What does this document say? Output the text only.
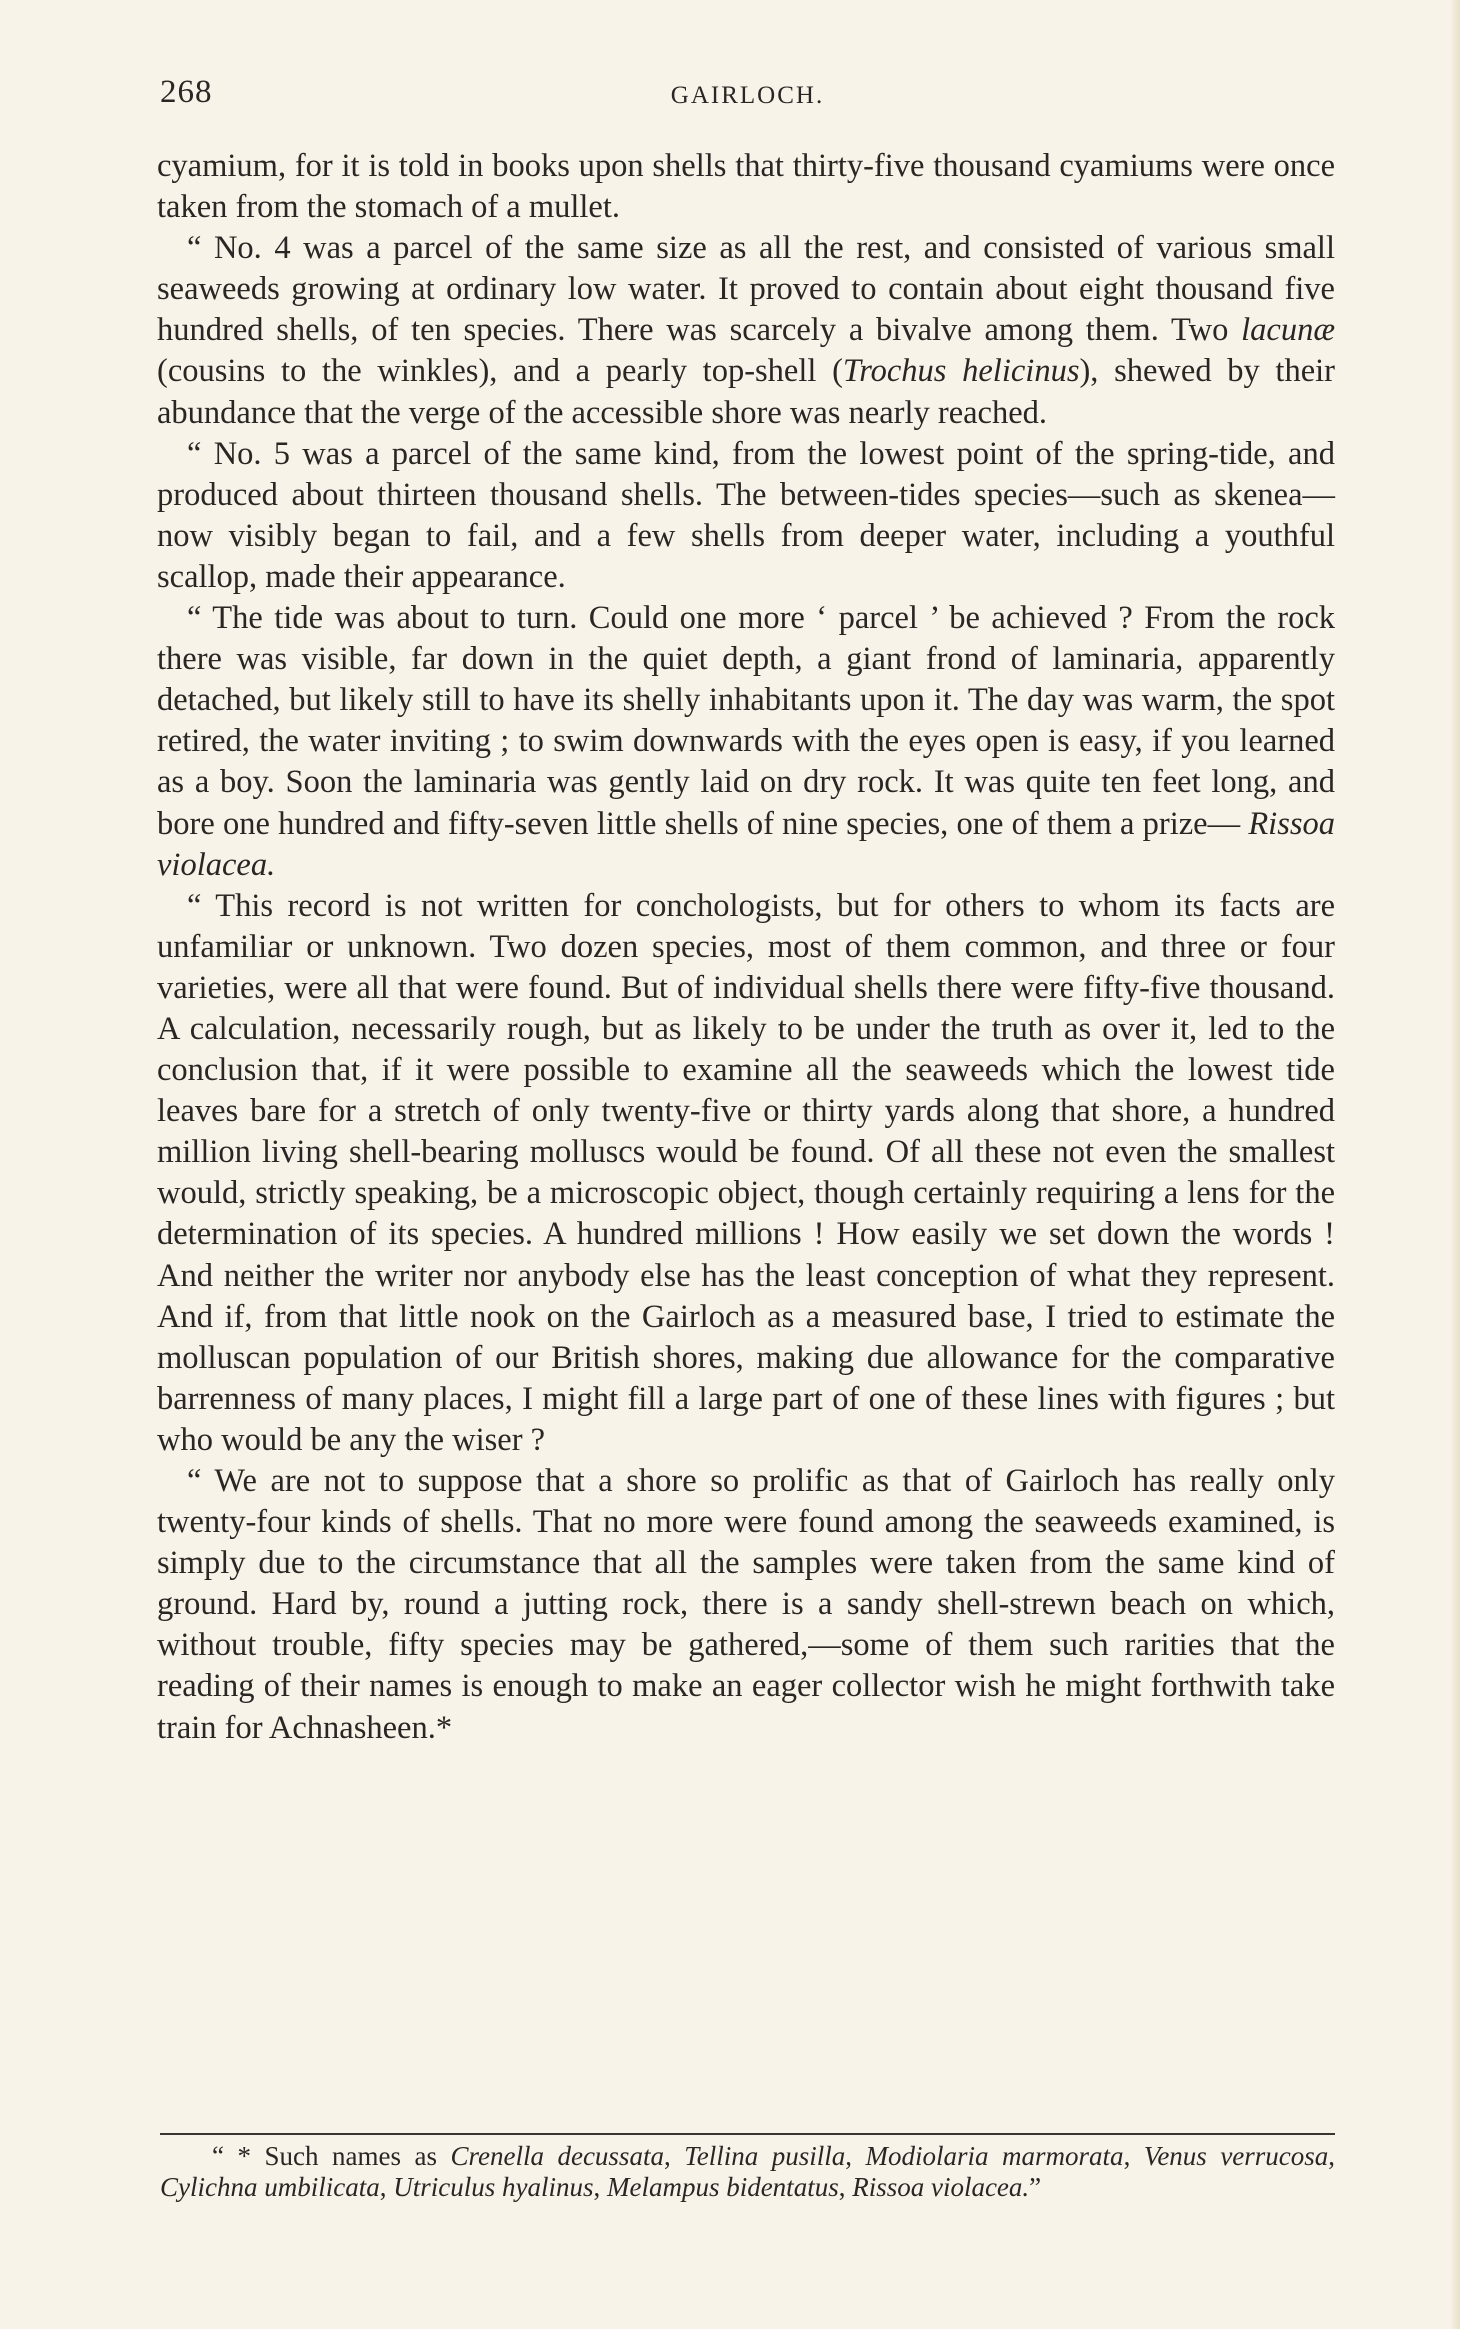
268	GAIRLOCH.

cyamium, for it is told in books upon shells that thirty-five thousand cyamiums were once taken from the stomach of a mullet.

“ No. 4 was a parcel of the same size as all the rest, and consisted of various small seaweeds growing at ordinary low water. It proved to contain about eight thousand five hundred shells, of ten species. There was scarcely a bivalve among them. Two lacunæ (cousins to the winkles), and a pearly top-shell (Trochus helicinus), shewed by their abundance that the verge of the accessible shore was nearly reached.

“ No. 5 was a parcel of the same kind, from the lowest point of the spring-tide, and produced about thirteen thousand shells. The between-tides species—such as skenea—now visibly began to fail, and a few shells from deeper water, including a youthful scallop, made their appearance.

“ The tide was about to turn. Could one more ‘ parcel ’ be achieved ? From the rock there was visible, far down in the quiet depth, a giant frond of laminaria, apparently detached, but likely still to have its shelly inhabitants upon it. The day was warm, the spot retired, the water inviting ; to swim downwards with the eyes open is easy, if you learned as a boy. Soon the laminaria was gently laid on dry rock. It was quite ten feet long, and bore one hundred and fifty-seven little shells of nine species, one of them a prize— Rissoa violacea.

“ This record is not written for conchologists, but for others to whom its facts are unfamiliar or unknown. Two dozen species, most of them common, and three or four varieties, were all that were found. But of individual shells there were fifty-five thousand. A calculation, necessarily rough, but as likely to be under the truth as over it, led to the conclusion that, if it were possible to examine all the seaweeds which the lowest tide leaves bare for a stretch of only twenty-five or thirty yards along that shore, a hundred million living shell-bearing molluscs would be found. Of all these not even the smallest would, strictly speaking, be a microscopic object, though certainly requiring a lens for the determination of its species. A hundred millions ! How easily we set down the words ! And neither the writer nor anybody else has the least conception of what they represent. And if, from that little nook on the Gairloch as a measured base, I tried to estimate the molluscan population of our British shores, making due allowance for the comparative barrenness of many places, I might fill a large part of one of these lines with figures ; but who would be any the wiser ?

“ We are not to suppose that a shore so prolific as that of Gairloch has really only twenty-four kinds of shells. That no more were found among the seaweeds examined, is simply due to the circumstance that all the samples were taken from the same kind of ground. Hard by, round a jutting rock, there is a sandy shell-strewn beach on which, without trouble, fifty species may be gathered,—some of them such rarities that the reading of their names is enough to make an eager collector wish he might forthwith take train for Achnasheen.*

“ * Such names as Crenella decussata, Tellina pusilla, Modiolaria marmorata, Venus verrucosa, Cylichna umbilicata, Utriculus hyalinus, Melampus bidentatus, Rissoa violacea.”
